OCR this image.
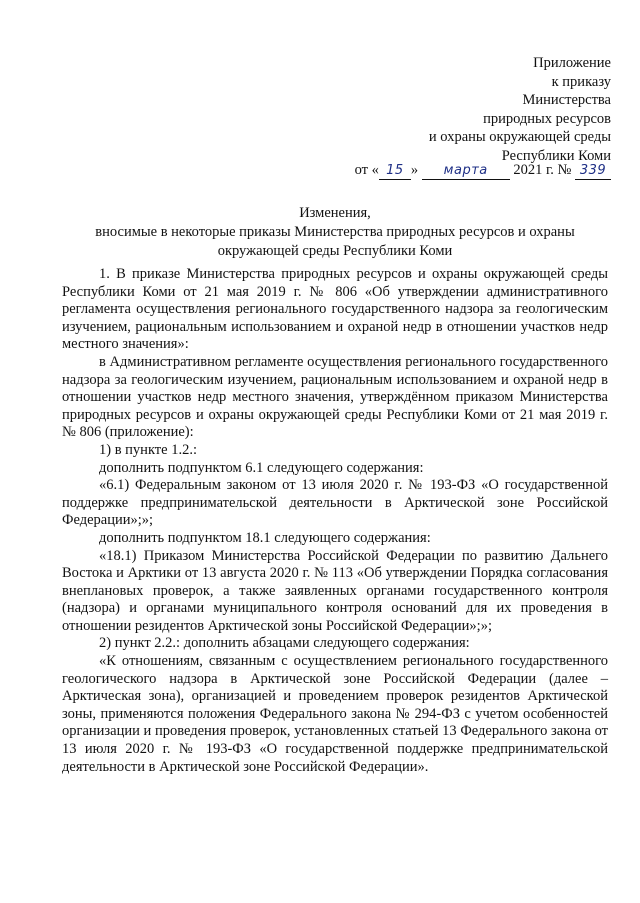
Приложение
к приказу
Министерства
природных ресурсов
и охраны окружающей среды
Республики Коми
от « 15 » марта 2021 г. № 339
Изменения,
вносимые в некоторые приказы Министерства природных ресурсов и охраны окружающей среды Республики Коми

1. В приказе Министерства природных ресурсов и охраны окружающей среды Республики Коми от 21 мая 2019 г. № 806 «Об утверждении административного регламента осуществления регионального государственного надзора за геологическим изучением, рациональным использованием и охраной недр в отношении участков недр местного значения»:

в Административном регламенте осуществления регионального государственного надзора за геологическим изучением, рациональным использованием и охраной недр в отношении участков недр местного значения, утверждённом приказом Министерства природных ресурсов и охраны окружающей среды Республики Коми от 21 мая 2019 г. № 806 (приложение):

1) в пункте 1.2.:

дополнить подпунктом 6.1 следующего содержания:

«6.1) Федеральным законом от 13 июля 2020 г. № 193-ФЗ «О государственной поддержке предпринимательской деятельности в Арктической зоне Российской Федерации»;»;

дополнить подпунктом 18.1 следующего содержания:

«18.1) Приказом Министерства Российской Федерации по развитию Дальнего Востока и Арктики от 13 августа 2020 г. № 113 «Об утверждении Порядка согласования внеплановых проверок, а также заявленных органами государственного контроля (надзора) и органами муниципального контроля оснований для их проведения в отношении резидентов Арктической зоны Российской Федерации»;»;

2) пункт 2.2.: дополнить абзацами следующего содержания:

«К отношениям, связанным с осуществлением регионального государственного геологического надзора в Арктической зоне Российской Федерации (далее – Арктическая зона), организацией и проведением проверок резидентов Арктической зоны, применяются положения Федерального закона № 294-ФЗ с учетом особенностей организации и проведения проверок, установленных статьей 13 Федерального закона от 13 июля 2020 г. № 193-ФЗ «О государственной поддержке предпринимательской деятельности в Арктической зоне Российской Федерации».
